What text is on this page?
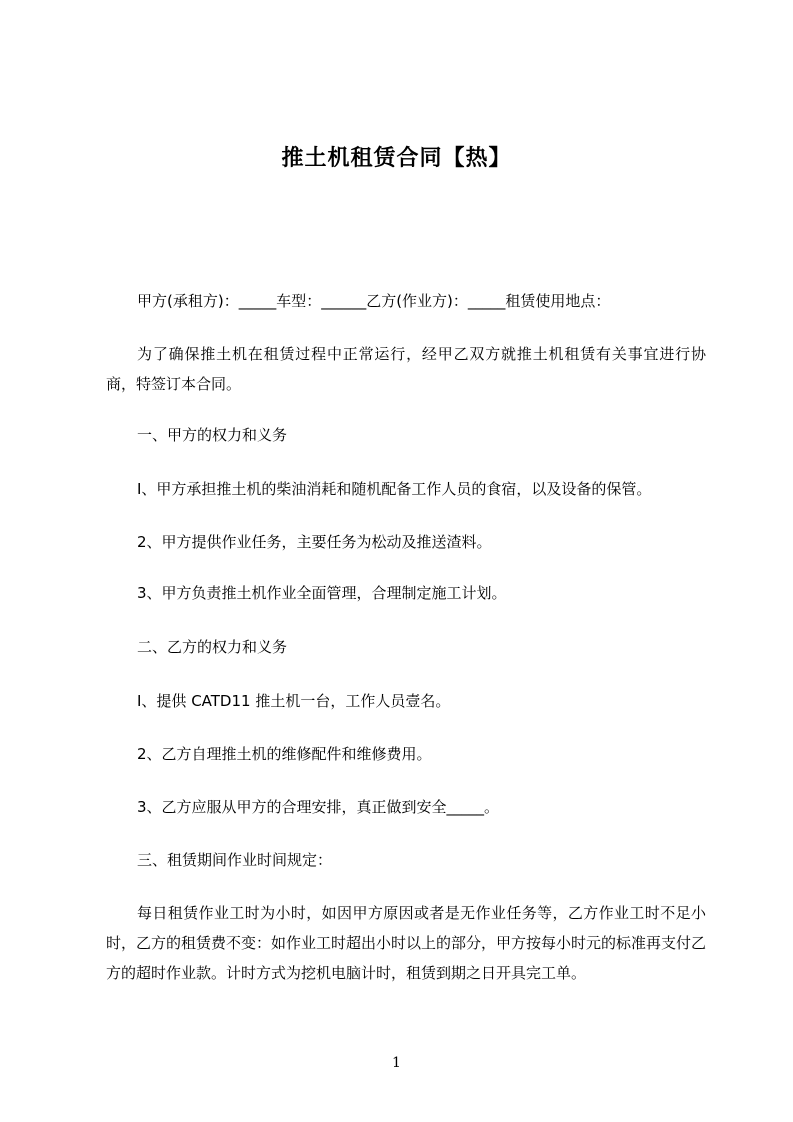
推土机租赁合同【热】
甲方(承租方)：_____车型：______乙方(作业方)：_____租赁使用地点：
为了确保推土机在租赁过程中正常运行，经甲乙双方就推土机租赁有关事宜进行协商，特签订本合同。
一、甲方的权力和义务
I、甲方承担推土机的柴油消耗和随机配备工作人员的食宿，以及设备的保管。
2、甲方提供作业任务，主要任务为松动及推送渣料。
3、甲方负责推土机作业全面管理，合理制定施工计划。
二、乙方的权力和义务
I、提供 CATD11 推土机一台，工作人员壹名。
2、乙方自理推土机的维修配件和维修费用。
3、乙方应服从甲方的合理安排，真正做到安全_____。
三、租赁期间作业时间规定：
每日租赁作业工时为小时，如因甲方原因或者是无作业任务等，乙方作业工时不足小时，乙方的租赁费不变：如作业工时超出小时以上的部分，甲方按每小时元的标准再支付乙方的超时作业款。计时方式为挖机电脑计时，租赁到期之日开具完工单。
1
